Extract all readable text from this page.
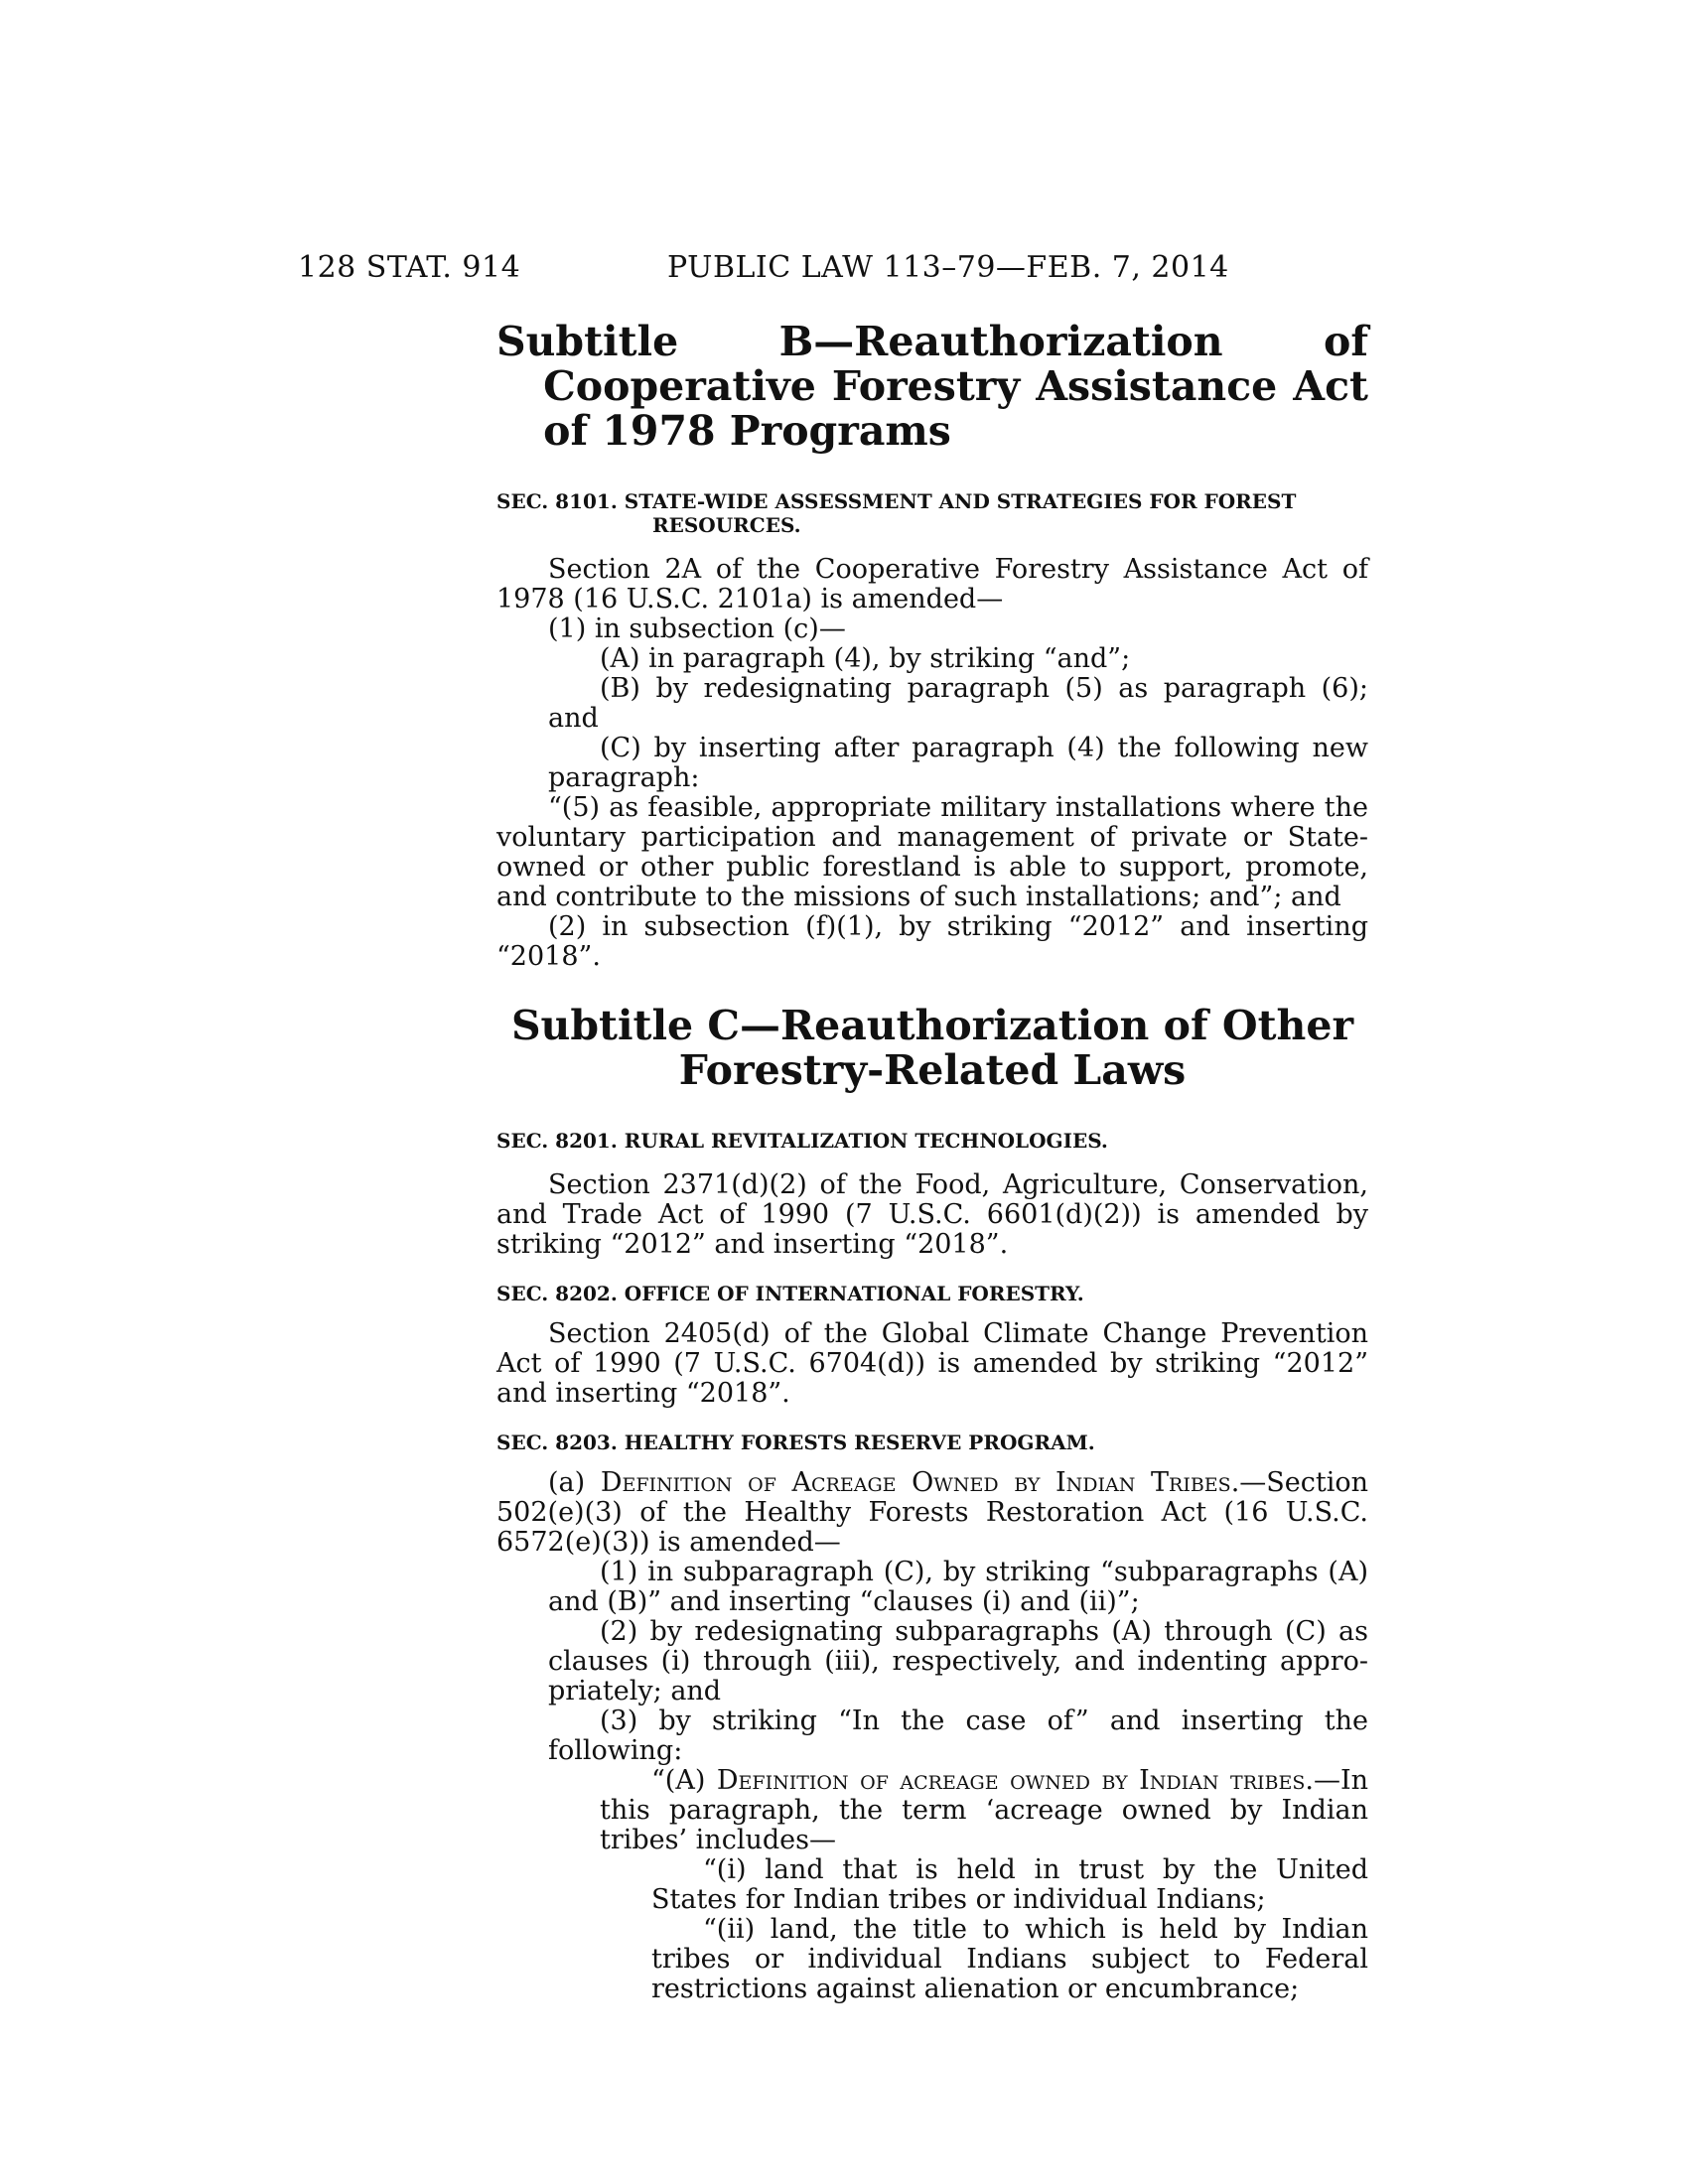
128 STAT. 914	PUBLIC LAW 113–79—FEB. 7, 2014
Subtitle B—Reauthorization of Cooperative Forestry Assistance Act of 1978 Programs
SEC. 8101. STATE-WIDE ASSESSMENT AND STRATEGIES FOR FOREST RESOURCES.

Section 2A of the Cooperative Forestry Assistance Act of 1978 (16 U.S.C. 2101a) is amended—

(1) in subsection (c)—

(A) in paragraph (4), by striking “and”;

(B) by redesignating paragraph (5) as paragraph (6); and

(C) by inserting after paragraph (4) the following new paragraph:

“(5) as feasible, appropriate military installations where the voluntary participation and management of private or State-owned or other public forestland is able to support, promote, and contribute to the missions of such installations; and”; and

(2) in subsection (f)(1), by striking “2012” and inserting “2018”.

Subtitle C—Reauthorization of Other
Forestry-Related Laws
SEC. 8201. RURAL REVITALIZATION TECHNOLOGIES.

Section 2371(d)(2) of the Food, Agriculture, Conservation, and Trade Act of 1990 (7 U.S.C. 6601(d)(2)) is amended by striking “2012” and inserting “2018”.

SEC. 8202. OFFICE OF INTERNATIONAL FORESTRY.

Section 2405(d) of the Global Climate Change Prevention Act of 1990 (7 U.S.C. 6704(d)) is amended by striking “2012” and inserting “2018”.

SEC. 8203. HEALTHY FORESTS RESERVE PROGRAM.

(a) Definition of Acreage Owned by Indian Tribes.—Section 502(e)(3) of the Healthy Forests Restoration Act (16 U.S.C. 6572(e)(3)) is amended—

(1) in subparagraph (C), by striking “subparagraphs (A) and (B)” and inserting “clauses (i) and (ii)”;

(2) by redesignating subparagraphs (A) through (C) as clauses (i) through (iii), respectively, and indenting appropriately; and

(3) by striking “In the case of” and inserting the following:

“(A) Definition of acreage owned by Indian tribes.—In this paragraph, the term ‘acreage owned by Indian tribes’ includes—

“(i) land that is held in trust by the United States for Indian tribes or individual Indians;

“(ii) land, the title to which is held by Indian tribes or individual Indians subject to Federal restrictions against alienation or encumbrance;
